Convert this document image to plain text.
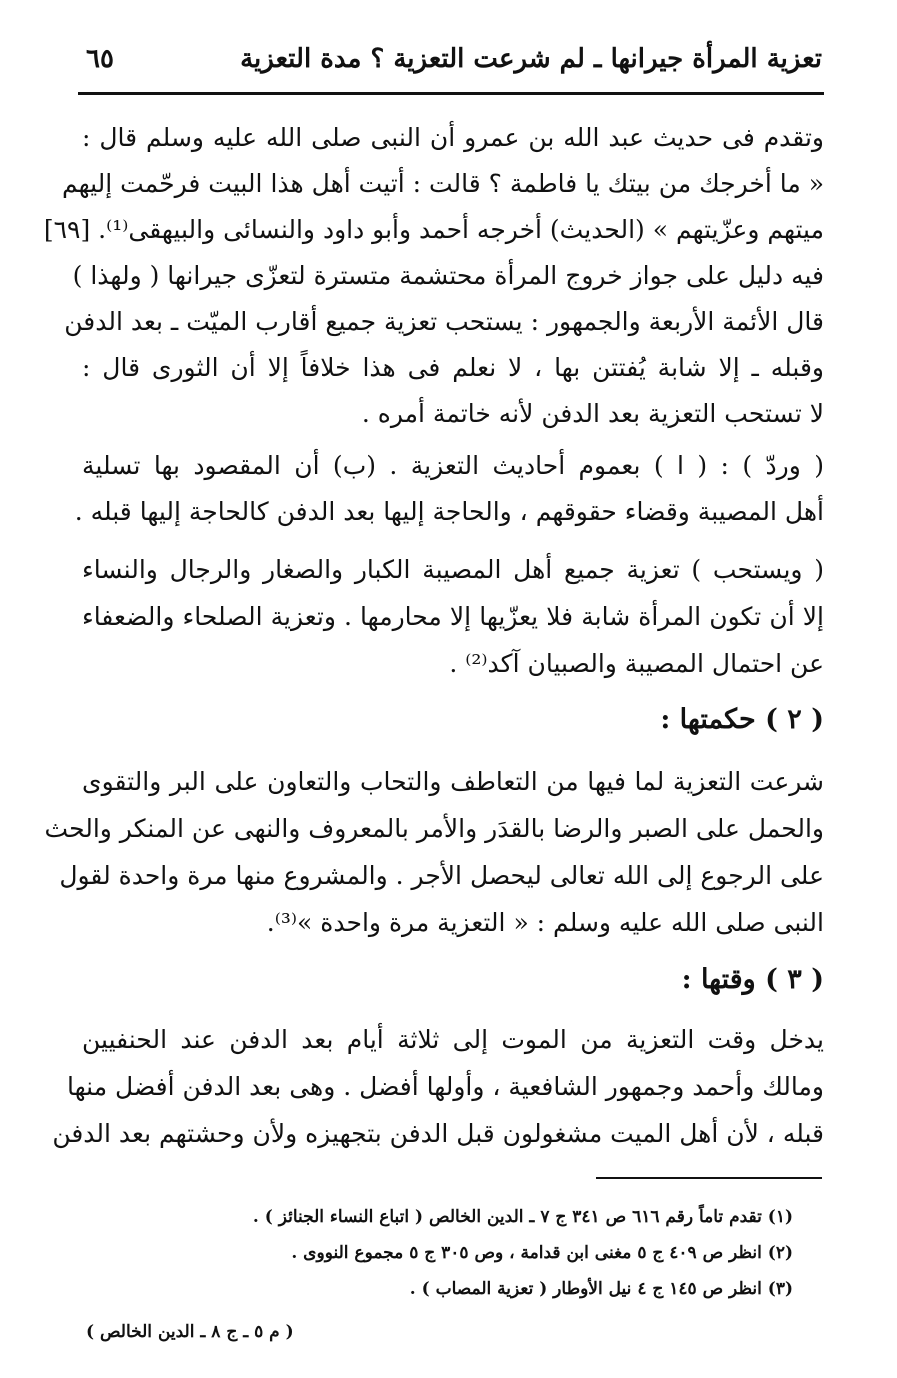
تعزية المرأة جيرانها ـ لم شرعت التعزية ؟ مدة التعزية
٦٥
وتقدم فى حديث عبد الله بن عمرو أن النبى صلى الله عليه وسلم قال :
« ما أخرجك من بيتك يا فاطمة ؟ قالت : أتيت أهل هذا البيت فرحّمت إليهم
ميتهم وعزّيتهم » (الحديث) أخرجه أحمد وأبو داود والنسائى والبيهقى⁽¹⁾. [٦٩]
فيه دليل على جواز خروج المرأة محتشمة متسترة لتعزّى جيرانها ( ولهذا )
قال الأئمة الأربعة والجمهور : يستحب تعزية جميع أقارب الميّت ـ بعد الدفن
وقبله ـ إلا شابة يُفتتن بها ، لا نعلم فى هذا خلافاً إلا أن الثورى قال :
لا تستحب التعزية بعد الدفن لأنه خاتمة أمره .
( وردّ ) : ( ا ) بعموم أحاديث التعزية . (ب) أن المقصود بها تسلية
أهل المصيبة وقضاء حقوقهم ، والحاجة إليها بعد الدفن كالحاجة إليها قبله .
( ويستحب ) تعزية جميع أهل المصيبة الكبار والصغار والرجال والنساء
إلا أن تكون المرأة شابة فلا يعزّيها إلا محارمها . وتعزية الصلحاء والضعفاء
عن احتمال المصيبة والصبيان آكد⁽²⁾ .
( ٢ ) حكمتها :
شرعت التعزية لما فيها من التعاطف والتحاب والتعاون على البر والتقوى
والحمل على الصبر والرضا بالقدَر والأمر بالمعروف والنهى عن المنكر والحث
على الرجوع إلى الله تعالى ليحصل الأجر . والمشروع منها مرة واحدة لقول
النبى صلى الله عليه وسلم : « التعزية مرة واحدة »⁽³⁾.
( ٣ ) وقتها :
يدخل وقت التعزية من الموت إلى ثلاثة أيام بعد الدفن عند الحنفيين
ومالك وأحمد وجمهور الشافعية ، وأولها أفضل . وهى بعد الدفن أفضل منها
قبله ، لأن أهل الميت مشغولون قبل الدفن بتجهيزه ولأن وحشتهم بعد الدفن
(١) تقدم تاماً رقم ٦١٦ ص ٣٤١ ج ٧ ـ الدين الخالص ( اتباع النساء الجنائز ) .
(٢) انظر ص ٤٠٩ ج ٥ مغنى ابن قدامة ، وص ٣٠٥ ج ٥ مجموع النووى .
(٣) انظر ص ١٤٥ ج ٤ نيل الأوطار ( تعزية المصاب ) .
( م ٥ ـ ج ٨ ـ الدين الخالص )
